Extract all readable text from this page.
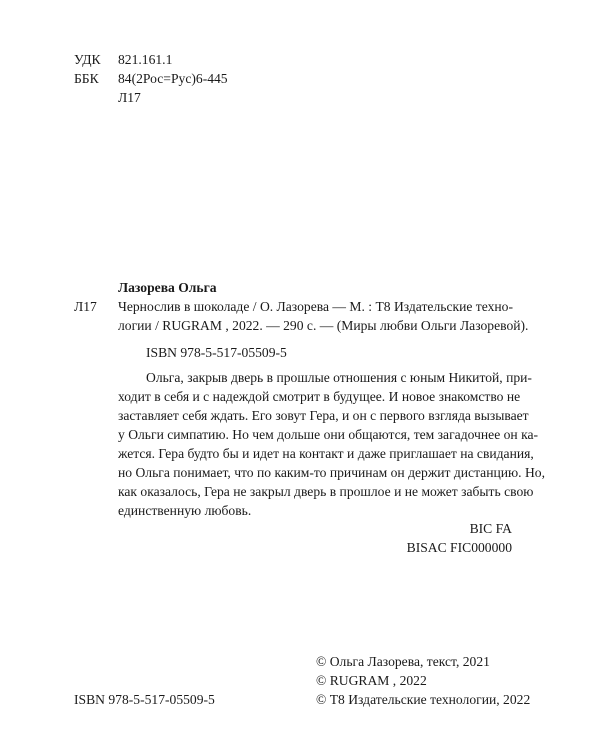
УДК 821.161.1
ББК 84(2Рос=Рус)6-445
Л17
Лазорева Ольга
Л17 Чернослив в шоколаде / О. Лазорева — М. : Т8 Издательские техно-
логии / RUGRAM , 2022. — 290 с. — (Миры любви Ольги Лазоревой).
ISBN 978-5-517-05509-5
Ольга, закрыв дверь в прошлые отношения с юным Никитой, при-
ходит в себя и с надеждой смотрит в будущее. И новое знакомство не
заставляет себя ждать. Его зовут Гера, и он с первого взгляда вызывает
у Ольги симпатию. Но чем дольше они общаются, тем загадочнее он ка-
жется. Гера будто бы и идет на контакт и даже приглашает на свидания,
но Ольга понимает, что по каким-то причинам он держит дистанцию. Но,
как оказалось, Гера не закрыл дверь в прошлое и не может забыть свою
единственную любовь.
BIC FA
BISAC FIC000000
© Ольга Лазорева, текст, 2021
© RUGRAM , 2022
© Т8 Издательские технологии, 2022
ISBN 978-5-517-05509-5
